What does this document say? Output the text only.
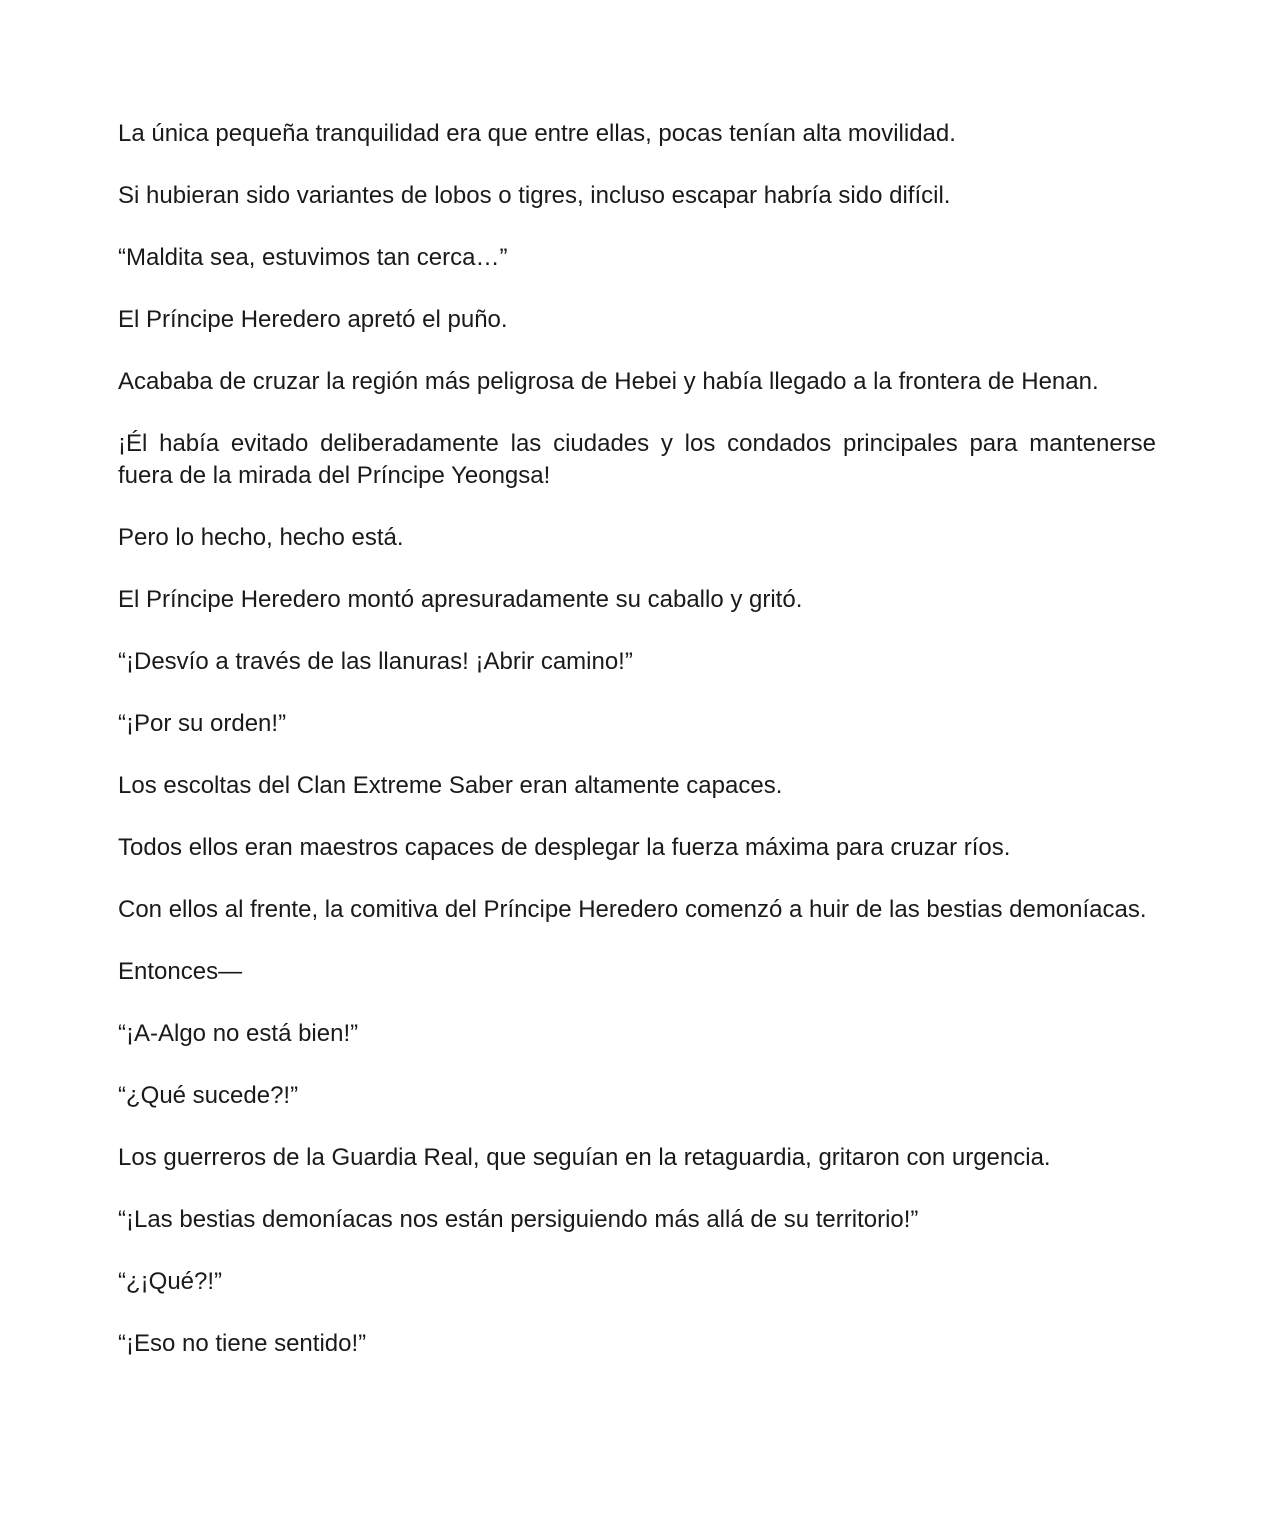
La única pequeña tranquilidad era que entre ellas, pocas tenían alta movilidad.

Si hubieran sido variantes de lobos o tigres, incluso escapar habría sido difícil.

“Maldita sea, estuvimos tan cerca…”

El Príncipe Heredero apretó el puño.

Acababa de cruzar la región más peligrosa de Hebei y había llegado a la frontera de Henan.

¡Él había evitado deliberadamente las ciudades y los condados principales para mantenerse fuera de la mirada del Príncipe Yeongsa!

Pero lo hecho, hecho está.

El Príncipe Heredero montó apresuradamente su caballo y gritó.

“¡Desvío a través de las llanuras! ¡Abrir camino!”

“¡Por su orden!”

Los escoltas del Clan Extreme Saber eran altamente capaces.

Todos ellos eran maestros capaces de desplegar la fuerza máxima para cruzar ríos.

Con ellos al frente, la comitiva del Príncipe Heredero comenzó a huir de las bestias demoníacas.

Entonces—

“¡A-Algo no está bien!”

“¿Qué sucede?!”

Los guerreros de la Guardia Real, que seguían en la retaguardia, gritaron con urgencia.

“¡Las bestias demoníacas nos están persiguiendo más allá de su territorio!”

“¿¡Qué?!”

“¡Eso no tiene sentido!”
